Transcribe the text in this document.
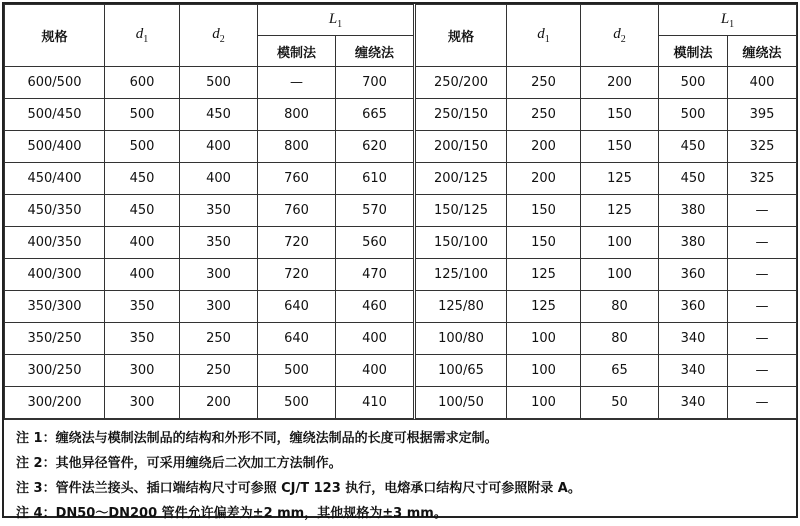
规格	$d_1$	$d_2$	$L_1$		规格	$d_1$	$d_2$	$L_1$
			模制法	缠绕法				模制法	缠绕法
600/500	600	500	—	700	250/200	250	200	500	400
500/450	500	450	800	665	250/150	250	150	500	395
500/400	500	400	800	620	200/150	200	150	450	325
450/400	450	400	760	610	200/125	200	125	450	325
450/350	450	350	760	570	150/125	150	125	380	—
400/350	400	350	720	560	150/100	150	100	380	—
400/300	400	300	720	470	125/100	125	100	360	—
350/300	350	300	640	460	125/80	125	80	360	—
350/250	350	250	640	400	100/80	100	80	340	—
300/250	300	250	500	400	100/65	100	65	340	—
300/200	300	200	500	410	100/50	100	50	340	—
注 1：缠绕法与模制法制品的结构和外形不同，缠绕法制品的长度可根据需求定制。
注 2：其他异径管件，可采用缠绕后二次加工方法制作。
注 3：管件法兰接头、插口端结构尺寸可参照 CJ/T 123 执行，电熔承口结构尺寸可参照附录 A。
注 4：DN50～DN200 管件允许偏差为±2 mm，其他规格为±3 mm。
